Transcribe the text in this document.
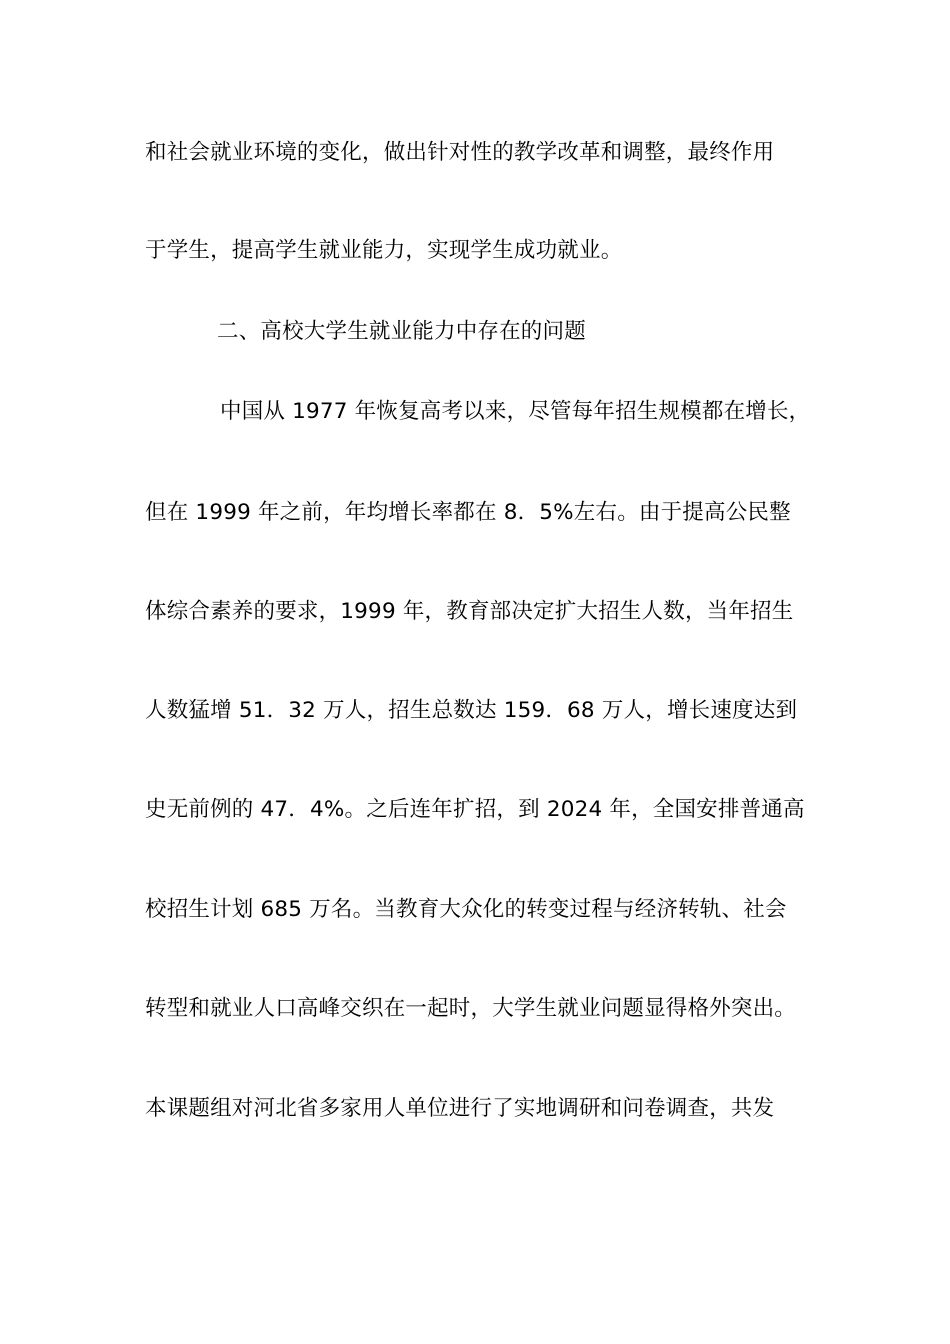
和社会就业环境的变化，做出针对性的教学改革和调整，最终作用
于学生，提高学生就业能力，实现学生成功就业。
二、高校大学生就业能力中存在的问题
中国从 1977 年恢复高考以来，尽管每年招生规模都在增长，
但在 1999 年之前，年均增长率都在 8．5%左右。由于提高公民整
体综合素养的要求，1999 年，教育部决定扩大招生人数，当年招生
人数猛增 51．32 万人，招生总数达 159．68 万人，增长速度达到
史无前例的 47．4%。之后连年扩招，到 2024 年，全国安排普通高
校招生计划 685 万名。当教育大众化的转变过程与经济转轨、社会
转型和就业人口高峰交织在一起时，大学生就业问题显得格外突出。
本课题组对河北省多家用人单位进行了实地调研和问卷调查，共发
